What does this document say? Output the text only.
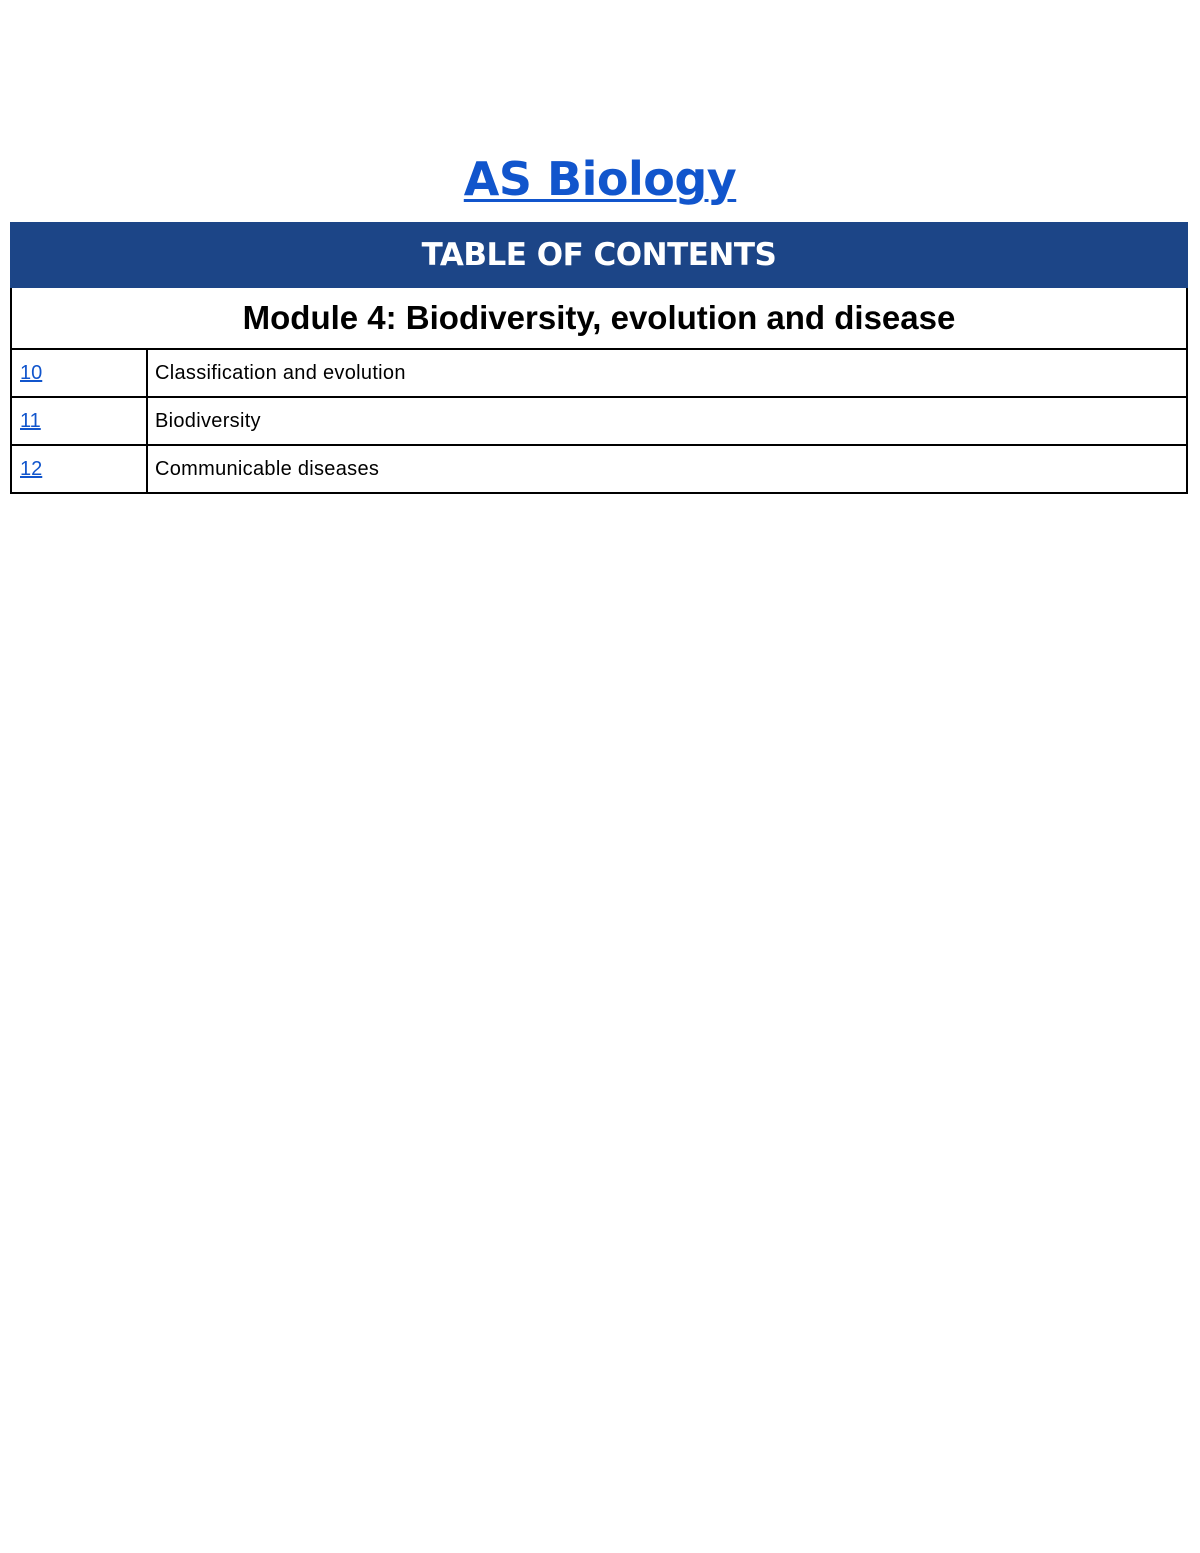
AS Biology
TABLE OF CONTENTS	
Module 4: Biodiversity, evolution and disease	
10	Classification and evolution
11	Biodiversity
12	Communicable diseases
